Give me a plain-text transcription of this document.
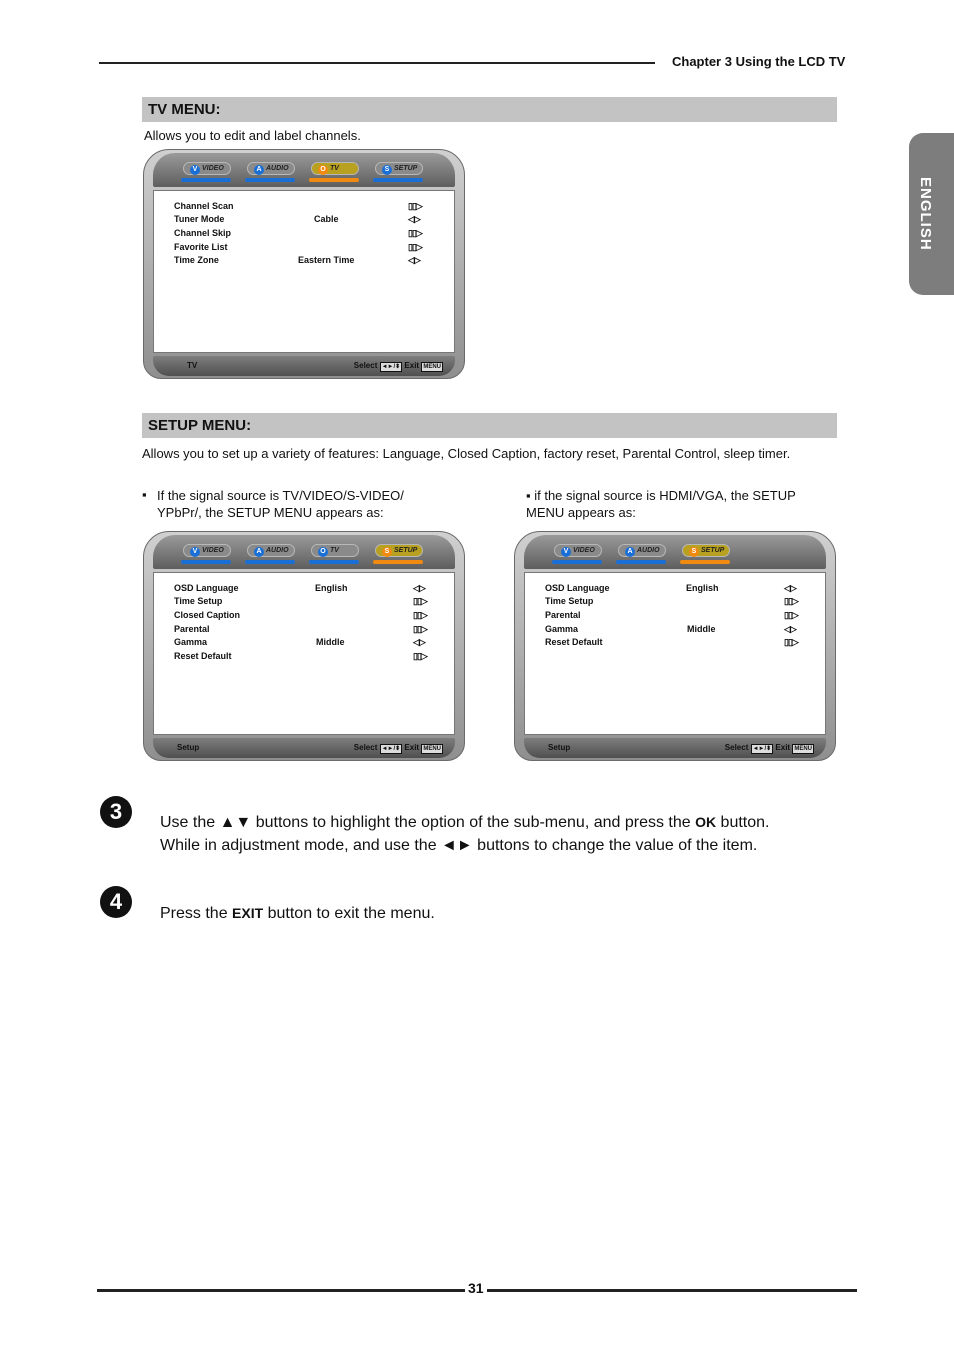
Chapter 3 Using the LCD TV
ENGLISH
TV MENU:
Allows you to edit and label channels.
V VIDEO	A AUDIO	O TV	S SETUP
Channel Scan	▯▯▷
Tuner Mode	Cable	◁▷
Channel Skip	▯▯▷
Favorite List	▯▯▷
Time Zone	Eastern Time	◁▷
TV	Select ◄►/⬍ Exit MENU
SETUP MENU:
Allows you to set up a variety of features: Language, Closed Caption, factory reset, Parental Control, sleep timer.
▪ If the signal source is TV/VIDEO/S-VIDEO/ YPbPr/, the SETUP MENU appears as:
▪ if the signal source is HDMI/VGA, the SETUP MENU appears as:
V VIDEO	A AUDIO	O TV	S SETUP
OSD Language	English	◁▷
Time Setup	▯▯▷
Closed Caption	▯▯▷
Parental	▯▯▷
Gamma	Middle	◁▷
Reset Default	▯▯▷
Setup	Select ◄►/⬍ Exit MENU
V VIDEO	A AUDIO	S SETUP
OSD Language	English	◁▷
Time Setup	▯▯▷
Parental	▯▯▷
Gamma	Middle	◁▷
Reset Default	▯▯▷
Setup	Select ◄►/⬍ Exit MENU
3	Use the ▲▼ buttons to highlight the option of the sub-menu, and press the OK button. While in adjustment mode, and use the ◄► buttons to change the value of the item.
4	Press the EXIT button to exit the menu.
31
